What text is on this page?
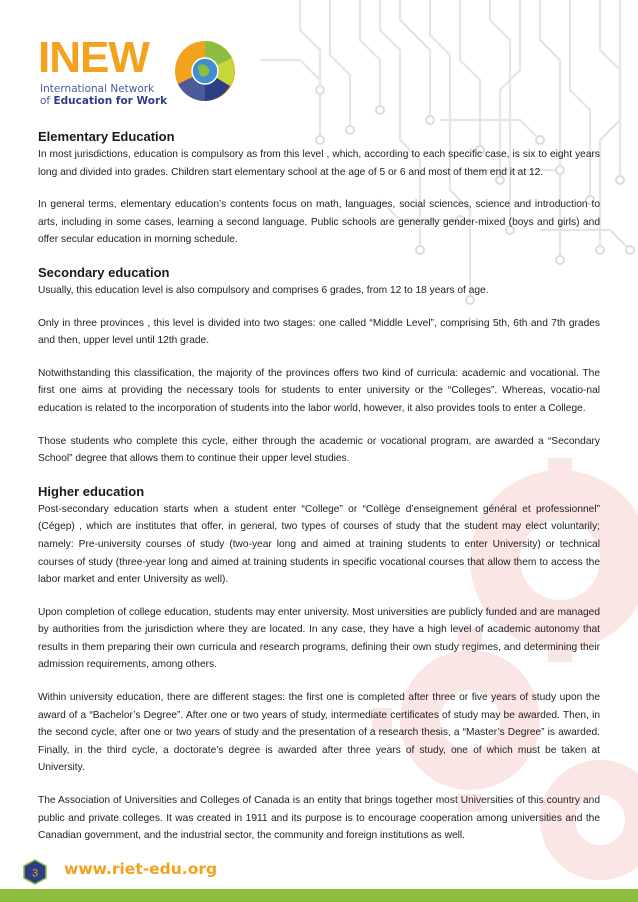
INEW
International Network
of Education for Work
Elementary Education

In most jurisdictions, education is compulsory as from this level , which, according to each specific case, is six to eight years long and divided into grades. Children start elementary school at the age of 5 or 6 and most of them end it at 12.

In general terms, elementary education’s contents focus on math, languages, social sciences, science and introduction to arts, including in some cases, learning a second language. Public schools are generally gender-mixed (boys and girls) and offer secular education in morning schedule.

Secondary education

Usually, this education level is also compulsory and comprises 6 grades, from 12 to 18 years of age.

Only in three provinces , this level is divided into two stages: one called “Middle Level”, comprising 5th, 6th and 7th grades and then, upper level until 12th grade.

Notwithstanding this classification, the majority of the provinces offers two kind of curricula: academic and vocational. The first one aims at providing the necessary tools for students to enter university or the “Colleges”. Whereas, vocatio-nal education is related to the incorporation of students into the labor world, however, it also provides tools to enter a College.

Those students who complete this cycle, either through the academic or vocational program, are awarded a “Secondary School” degree that allows them to continue their upper level studies.

Higher education

Post-secondary education starts when a student enter “College” or “Collège d’enseignement général et professionnel” (Cégep) , which are institutes that offer, in general, two types of courses of study that the student may elect voluntarily; namely: Pre-university courses of study (two-year long and aimed at training students to enter University) or technical courses of study (three-year long and aimed at training students in specific vocational courses that allow them to access the labor market and enter University as well).

Upon completion of college education, students may enter university. Most universities are publicly funded and are managed by authorities from the jurisdiction where they are located. In any case, they have a high level of academic autonomy that results in them preparing their own curricula and research programs, defining their own study regimes, and determining their admission requirements, among others.

Within university education, there are different stages: the first one is completed after three or five years of study upon the award of a “Bachelor’s Degree”. After one or two years of study, intermediate certificates of study may be awarded. Then, in the second cycle, after one or two years of study and the presentation of a research thesis, a “Master’s Degree” is awarded. Finally, in the third cycle, a doctorate’s degree is awarded after three years of study, one of which must be taken at University.

The Association of Universities and Colleges of Canada is an entity that brings together most Universities of this country and public and private colleges. It was created in 1911 and its purpose is to encourage cooperation among universities and the Canadian government, and the industrial sector, the community and foreign institutions as well.

3 www.riet-edu.org
